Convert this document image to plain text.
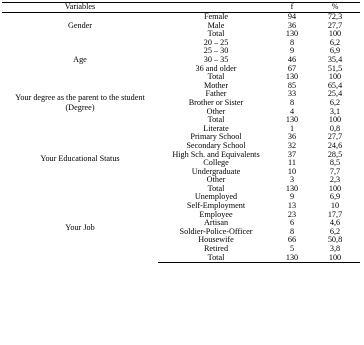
Variables		f	%
Gender	Female	94	72,3
	Male	36	27,7
	Total	130	100
Age	20 – 25	8	6,2
	25 – 30	9	6,9
	30 – 35	46	35,4
	36 and older	67	51,5
	Total	130	100
Your degree as the parent to the student (Degree)	Mother	85	65,4
	Father	33	25,4
	Brother or Sister	8	6,2
	Other	4	3,1
	Total	130	100
Your Educational Status	Literate	1	0,8
	Primary School	36	27,7
	Secondary School	32	24,6
	High Sch. and Equivalents	37	28,5
	College	11	8,5
	Undergraduate	10	7,7
	Other	3	2,3
	Total	130	100
Your Job	Unemployed	9	6,9
	Self-Employment	13	10
	Employee	23	17,7
	Artisan	6	4,6
	Soldier-Police-Officer	8	6,2
	Housewife	66	50,8
	Retired	5	3,8
	Total	130	100
